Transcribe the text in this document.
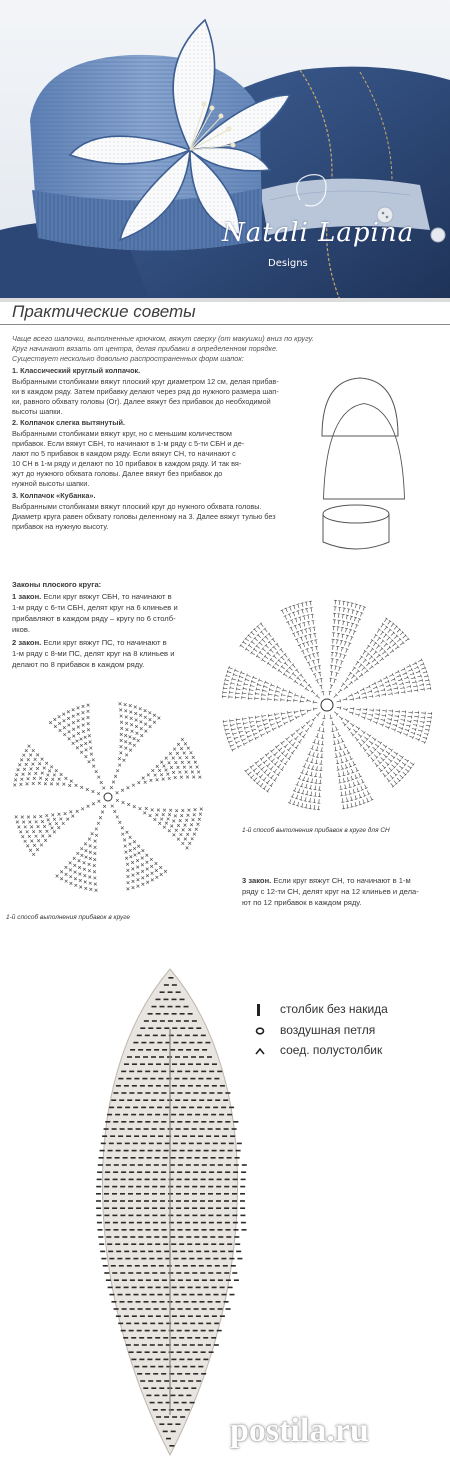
Natali Lapina
Designs
Практические советы
Чаще всего шапочки, выполненные крючком, вяжут сверху (от макушки) вниз по кругу.
Круг начинают вязать от центра, делая прибавки в определенном порядке.
Существует несколько довольно распространенных форм шапок:
1. Классический круглый колпачок.
Выбранными столбиками вяжут плоский круг диаметром 12 см, делая прибав-
ки в каждом ряду. Затем прибавку делают через ряд до нужного размера шап-
ки, равного обхвату головы (Ог). Далее вяжут без прибавок до необходимой
высоты шапки.
2. Колпачок слегка вытянутый.
Выбранными столбиками вяжут круг, но с меньшим количеством
прибавок. Если вяжут СБН, то начинают в 1-м ряду с 5-ти СБН и де-
лают по 5 прибавок в каждом ряду. Если вяжут СН, то начинают с
10 СН в 1-м ряду и делают по 10 прибавок в каждом ряду. И так вя-
жут до нужного обхвата головы. Далее вяжут без прибавок до
нужной высоты шапки.
3. Колпачок «Кубанка».
Выбранными столбиками вяжут плоский круг до нужного обхвата головы.
Диаметр круга равен обхвату головы деленному на 3. Далее вяжут тулью без
прибавок на нужную высоту.
Законы плоского круга:
1 закон. Если круг вяжут СБН, то начинают в
1-м ряду с 6-ти СБН, делят круг на 6 клиньев и
прибавляют в каждом ряду – кругу по 6 столб-
иков.
2 закон. Если круг вяжут ПС, то начинают в
1-м ряду с 8-ми ПС, делят круг на 8 клиньев и
делают по 8 прибавок в каждом ряду.
1-й способ выполнения прибавок в круге для СН
3 закон. Если круг вяжут СН, то начинают в 1-м
ряду с 12-ти СН, делят круг на 12 клиньев и дела-
ют по 12 прибавок в каждом ряду.
1-й способ выполнения прибавок в круге
столбик без накида
воздушная петля
соед. полустолбик
postila.ru
